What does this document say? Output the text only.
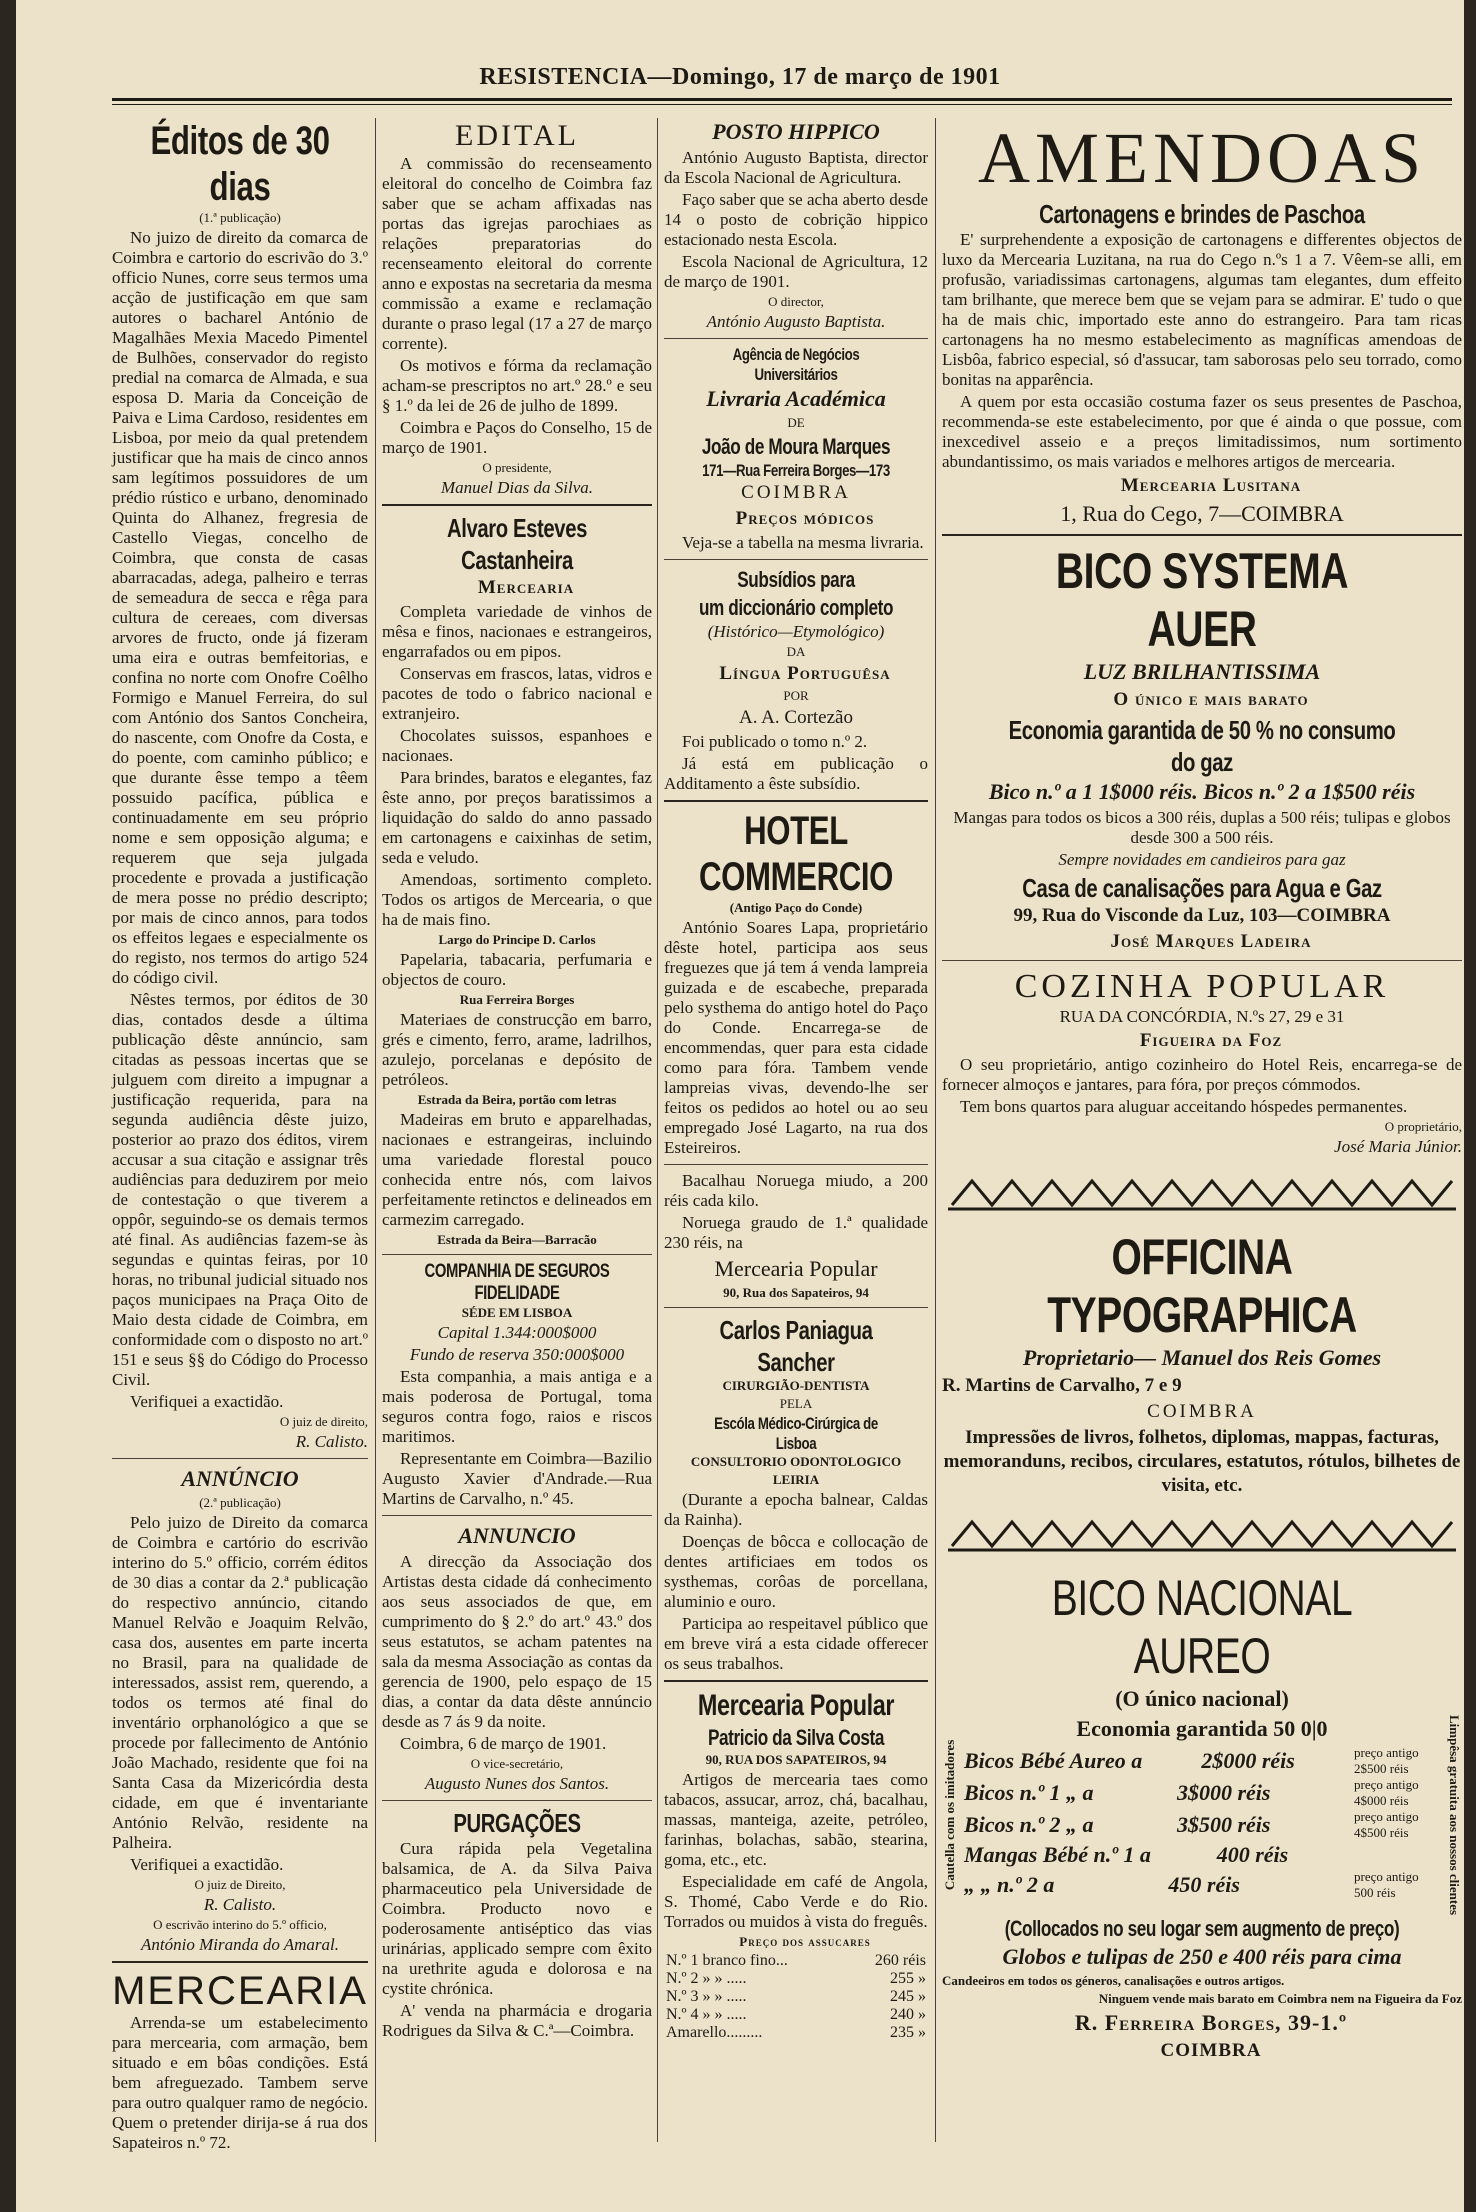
RESISTENCIA—Domingo, 17 de março de 1901
Éditos de 30 dias

(1.ª publicação)

No juizo de direito da comarca de Coimbra e cartorio do escrivão do 3.º officio Nunes, corre seus termos uma acção de justificação em que sam autores o bacharel António de Magalhães Mexia Macedo Pimentel de Bulhões, conservador do registo predial na comarca de Almada, e sua esposa D. Maria da Conceição de Paiva e Lima Cardoso, residentes em Lisboa, por meio da qual pretendem justificar que ha mais de cinco annos sam legítimos possuidores de um prédio rústico e urbano, denominado Quinta do Alhanez, fregresia de Castello Viegas, concelho de Coimbra, que consta de casas abarracadas, adega, palheiro e terras de semeadura de secca e rêga para cultura de cereaes, com diversas arvores de fructo, onde já fizeram uma eira e outras bemfeitorias, e confina no norte com Onofre Coêlho Formigo e Manuel Ferreira, do sul com António dos Santos Concheira, do nascente, com Onofre da Costa, e do poente, com caminho público; e que durante êsse tempo a têem possuido pacífica, pública e continuadamente em seu próprio nome e sem opposição alguma; e requerem que seja julgada procedente e provada a justificação de mera posse no prédio descripto; por mais de cinco annos, para todos os effeitos legaes e especialmente os do registo, nos termos do artigo 524 do código civil.

Nêstes termos, por éditos de 30 dias, contados desde a última publicação dêste annúncio, sam citadas as pessoas incertas que se julguem com direito a impugnar a justificação requerida, para na segunda audiência dêste juizo, posterior ao prazo dos éditos, virem accusar a sua citação e assignar três audiências para deduzirem por meio de contestação o que tiverem a oppôr, seguindo-se os demais termos até final. As audiências fazem-se às segundas e quintas feiras, por 10 horas, no tribunal judicial situado nos paços municipaes na Praça Oito de Maio desta cidade de Coimbra, em conformidade com o disposto no art.º 151 e seus §§ do Código do Processo Civil.

Verifiquei a exactidão.

O juiz de direito,

R. Calisto.

ANNÚNCIO

(2.ª publicação)

Pelo juizo de Direito da comarca de Coimbra e cartório do escrivão interino do 5.º officio, corrém éditos de 30 dias a contar da 2.ª publicação do respectivo annúncio, citando Manuel Relvão e Joaquim Relvão, casa dos, ausentes em parte incerta no Brasil, para na qualidade de interessados, assist rem, querendo, a todos os termos até final do inventário orphanológico a que se procede por fallecimento de António João Machado, residente que foi na Santa Casa da Mizericórdia desta cidade, em que é inventariante António Relvão, residente na Palheira.

Verifiquei a exactidão.

O juiz de Direito,

R. Calisto.

O escrivão interino do 5.º officio,

António Miranda do Amaral.

MERCEARIA

Arrenda-se um estabelecimento para mercearia, com armação, bem situado e em bôas condições. Está bem afreguezado. Tambem serve para outro qualquer ramo de negócio. Quem o pretender dirija-se á rua dos Sapateiros n.º 72.

EDITAL

A commissão do recenseamento eleitoral do concelho de Coimbra faz saber que se acham affixadas nas portas das igrejas parochiaes as relações preparatorias do recenseamento eleitoral do corrente anno e expostas na secretaria da mesma commissão a exame e reclamação durante o praso legal (17 a 27 de março corrente).

Os motivos e fórma da reclamação acham-se prescriptos no art.º 28.º e seu § 1.º da lei de 26 de julho de 1899.

Coimbra e Paços do Conselho, 15 de março de 1901.

O presidente,

Manuel Dias da Silva.

Alvaro Esteves Castanheira

Mercearia

Completa variedade de vinhos de mêsa e finos, nacionaes e estrangeiros, engarrafados ou em pipos.

Conservas em frascos, latas, vidros e pacotes de todo o fabrico nacional e extranjeiro.

Chocolates suissos, espanhoes e nacionaes.

Para brindes, baratos e elegantes, faz êste anno, por preços baratissimos a liquidação do saldo do anno passado em cartonagens e caixinhas de setim, seda e veludo.

Amendoas, sortimento completo. Todos os artigos de Mercearia, o que ha de mais fino.

Largo do Principe D. Carlos

Papelaria, tabacaria, perfumaria e objectos de couro.

Rua Ferreira Borges

Materiaes de construcção em barro, grés e cimento, ferro, arame, ladrilhos, azulejo, porcelanas e depósito de petróleos.

Estrada da Beira, portão com letras

Madeiras em bruto e apparelhadas, nacionaes e estrangeiras, incluindo uma variedade florestal pouco conhecida entre nós, com laivos perfeitamente retinctos e delineados em carmezim carregado.

Estrada da Beira—Barracão

COMPANHIA DE SEGUROS FIDELIDADE

SÉDE EM LISBOA

Capital 1.344:000$000

Fundo de reserva 350:000$000

Esta companhia, a mais antiga e a mais poderosa de Portugal, toma seguros contra fogo, raios e riscos maritimos.

Representante em Coimbra—Bazilio Augusto Xavier d'Andrade.—Rua Martins de Carvalho, n.º 45.

ANNUNCIO

A direcção da Associação dos Artistas desta cidade dá conhecimento aos seus associados de que, em cumprimento do § 2.º do art.º 43.º dos seus estatutos, se acham patentes na sala da mesma Associação as contas da gerencia de 1900, pelo espaço de 15 dias, a contar da data dêste annúncio desde as 7 ás 9 da noite.

Coimbra, 6 de março de 1901.

O vice-secretário,

Augusto Nunes dos Santos.

PURGAÇÕES

Cura rápida pela Vegetalina balsamica, de A. da Silva Paiva pharmaceutico pela Universidade de Coimbra. Producto novo e poderosamente antiséptico das vias urinárias, applicado sempre com êxito na urethrite aguda e dolorosa e na cystite chrónica.

A' venda na pharmácia e drogaria Rodrigues da Silva & C.ª—Coimbra.

POSTO HIPPICO

António Augusto Baptista, director da Escola Nacional de Agricultura.

Faço saber que se acha aberto desde 14 o posto de cobrição hippico estacionado nesta Escola.

Escola Nacional de Agricultura, 12 de março de 1901.

O director,

António Augusto Baptista.

Agência de Negócios Universitários

Livraria Académica

DE

João de Moura Marques
171—Rua Ferreira Borges—173

COIMBRA

Preços módicos

Veja-se a tabella na mesma livraria.

Subsídios para
um diccionário completo

(Histórico—Etymológico)

DA

Língua Portuguêsa

POR

A. A. Cortezão

Foi publicado o tomo n.º 2.

Já está em publicação o Additamento a êste subsídio.

HOTEL COMMERCIO

(Antigo Paço do Conde)

António Soares Lapa, proprietário dêste hotel, participa aos seus freguezes que já tem á venda lampreia guizada e de escabeche, preparada pelo systhema do antigo hotel do Paço do Conde. Encarrega-se de encommendas, quer para esta cidade como para fóra. Tambem vende lampreias vivas, devendo-lhe ser feitos os pedidos ao hotel ou ao seu empregado José Lagarto, na rua dos Esteireiros.

Bacalhau Noruega miudo, a 200 réis cada kilo.

Noruega graudo de 1.ª qualidade 230 réis, na

Mercearia Popular

90, Rua dos Sapateiros, 94

Carlos Paniagua Sancher

CIRURGIÃO-DENTISTA

PELA

Escóla Médico-Cirúrgica de Lisboa

CONSULTORIO ODONTOLOGICO

LEIRIA

(Durante a epocha balnear, Caldas da Rainha).

Doenças de bôcca e collocação de dentes artificiaes em todos os systhemas, corôas de porcellana, aluminio e ouro.

Participa ao respeitavel público que em breve virá a esta cidade offerecer os seus trabalhos.

Mercearia Popular
Patricio da Silva Costa

90, RUA DOS SAPATEIROS, 94

Artigos de mercearia taes como tabacos, assucar, arroz, chá, bacalhau, massas, manteiga, azeite, petróleo, farinhas, bolachas, sabão, stearina, goma, etc., etc.

Especialidade em café de Angola, S. Thomé, Cabo Verde e do Rio. Torrados ou muidos à vista do freguês.

Preço dos assucares

N.º 1 branco fino...	260 réis
N.º 2 » » .....	255 »
N.º 3 » » .....	245 »
N.º 4 » » .....	240 »
Amarello.........	235 »
AMENDOAS
Cartonagens e brindes de Paschoa

E' surprehendente a exposição de cartonagens e differentes objectos de luxo da Mercearia Luzitana, na rua do Cego n.ºs 1 a 7. Vêem-se alli, em profusão, variadissimas cartonagens, algumas tam elegantes, dum effeito tam brilhante, que merece bem que se vejam para se admirar. E' tudo o que ha de mais chic, importado este anno do estrangeiro. Para tam ricas cartonagens ha no mesmo estabelecimento as magníficas amendoas de Lisbôa, fabrico especial, só d'assucar, tam saborosas pelo seu torrado, como bonitas na apparência.

A quem por esta occasião costuma fazer os seus presentes de Paschoa, recommenda-se este estabelecimento, por que é ainda o que possue, com inexcedivel asseio e a preços limitadissimos, num sortimento abundantissimo, os mais variados e melhores artigos de mercearia.

Mercearia Lusitana

1, Rua do Cego, 7—COIMBRA

BICO SYSTEMA AUER

LUZ BRILHANTISSIMA

O único e mais barato

Economia garantida de 50 % no consumo do gaz

Bico n.º a 1 1$000 réis. Bicos n.º 2 a 1$500 réis

Mangas para todos os bicos a 300 réis, duplas a 500 réis; tulipas e globos desde 300 a 500 réis.

Sempre novidades em candieiros para gaz

Casa de canalisações para Agua e Gaz

99, Rua do Visconde da Luz, 103—COIMBRA

José Marques Ladeira

COZINHA POPULAR

RUA DA CONCÓRDIA, N.ºs 27, 29 e 31

Figueira da Foz

O seu proprietário, antigo cozinheiro do Hotel Reis, encarrega-se de fornecer almoços e jantares, para fóra, por preços cómmodos.

Tem bons quartos para aluguar acceitando hóspedes permanentes.

O proprietário,

José Maria Júnior.

OFFICINA TYPOGRAPHICA

Proprietario— Manuel dos Reis Gomes

R. Martins de Carvalho, 7 e 9

COIMBRA

Impressões de livros, folhetos, diplomas, mappas, facturas, memoranduns, recibos, circulares, estatutos, rótulos, bilhetes de visita, etc.

BICO NACIONAL AUREO

(O único nacional)

Cautella com os imitadores

Economia garantida 50 0|0

Bicos Bébé Aureo a	2$000 réis	preço antigo 2$500 réis
Bicos n.º 1 „ a	3$000 réis	preço antigo 4$000 réis
Bicos n.º 2 „ a	3$500 réis	preço antigo 4$500 réis
Mangas Bébé n.º 1 a	400 réis
„ „ n.º 2 a	450 réis	preço antigo 500 réis	Limpêsa gratuita aos nossos clientes
(Collocados no seu logar sem augmento de preço)

Globos e tulipas de 250 e 400 réis para cima

Candeeiros em todos os géneros, canalisações e outros artigos.

Ninguem vende mais barato em Coimbra nem na Figueira da Foz

R. Ferreira Borges, 39-1.º

COIMBRA
